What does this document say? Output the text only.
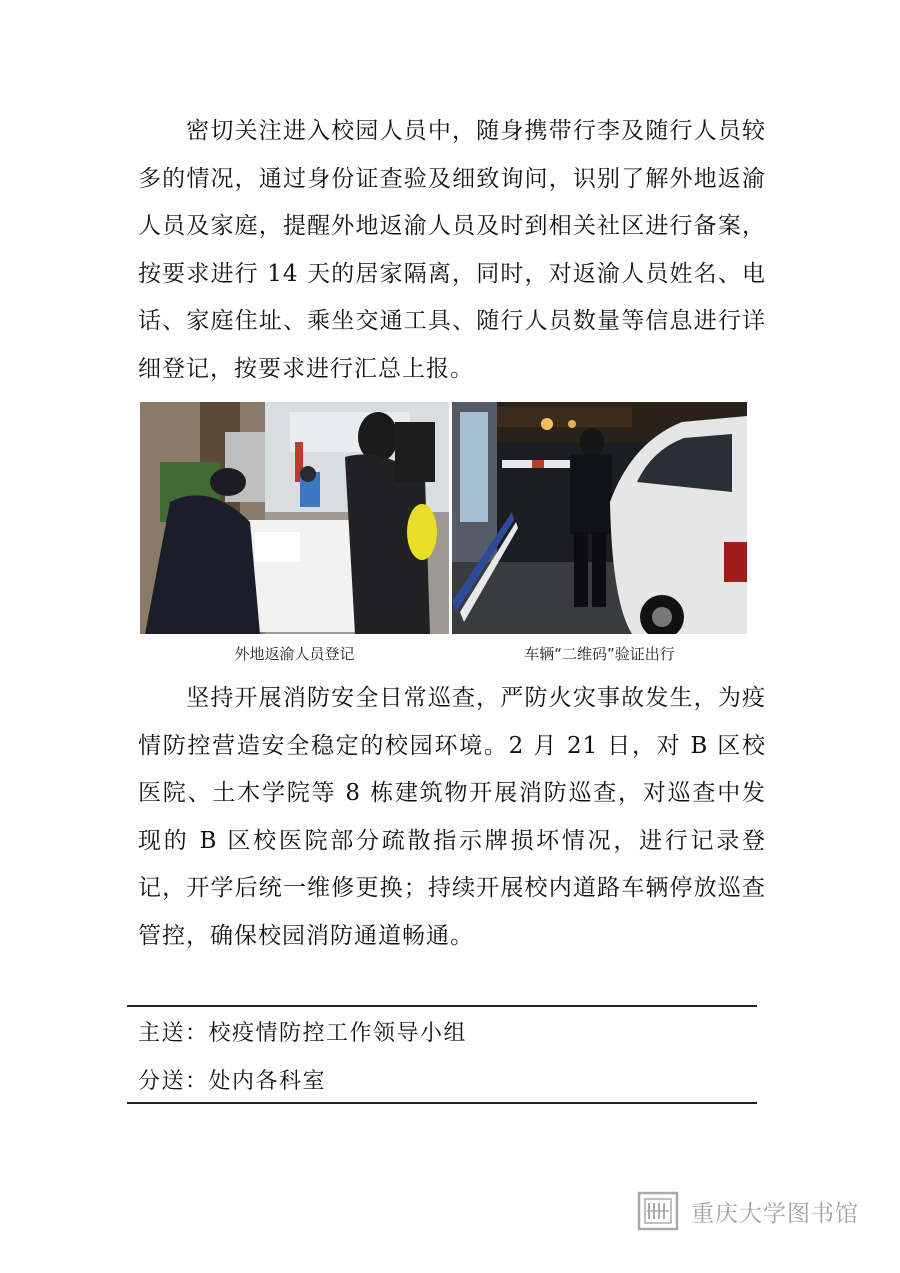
密切关注进入校园人员中，随身携带行李及随行人员较多的情况，通过身份证查验及细致询问，识别了解外地返渝人员及家庭，提醒外地返渝人员及时到相关社区进行备案，按要求进行 14 天的居家隔离，同时，对返渝人员姓名、电话、家庭住址、乘坐交通工具、随行人员数量等信息进行详细登记，按要求进行汇总上报。

外地返渝人员登记	车辆“二维码”验证出行

坚持开展消防安全日常巡查，严防火灾事故发生，为疫情防控营造安全稳定的校园环境。2 月 21 日，对 B 区校医院、土木学院等 8 栋建筑物开展消防巡查，对巡查中发现的 B 区校医院部分疏散指示牌损坏情况，进行记录登记，开学后统一维修更换；持续开展校内道路车辆停放巡查管控，确保校园消防通道畅通。

主送：校疫情防控工作领导小组
分送：处内各科室
重庆大学图书馆
